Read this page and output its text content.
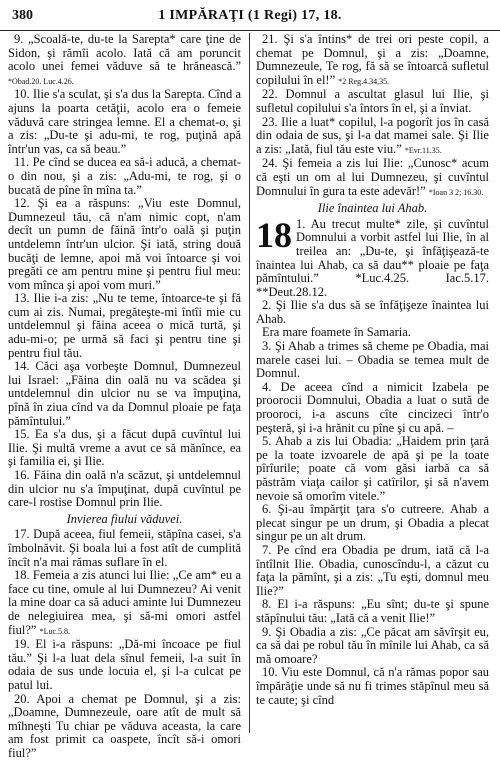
380	1 IMPĂRAŢI (1 Regi) 17, 18.

9. „Scoală-te, du-te la Sarepta* care ţine de Sidon, şi rămîi acolo. Iată că am poruncit acolo unei femei văduve să te hrănească.” *Obad.20. Luc.4.26.

10. Ilie s'a sculat, şi s'a dus la Sarepta. Cînd a ajuns la poarta cetăţii, acolo era o femeie văduvă care stringea lemne. El a chemat-o, şi a zis: „Du-te şi adu-mi, te rog, puţină apă într'un vas, ca să beau.”

11. Pe cînd se ducea ea să-i aducă, a chemat-o din nou, şi a zis: „Adu-mi, te rog, şi o bucată de pîne în mîna ta.”

12. Şi ea a răspuns: „Viu este Domnul, Dumnezeul tău, că n'am nimic copt, n'am decît un pumn de făină într'o oală şi puţin untdelemn într'un ulcior. Şi iată, string două bucăţi de lemne, apoi mă voi întoarce şi voi pregăti ce am pentru mine şi pentru fiul meu: vom mînca şi apoi vom muri.”

13. Ilie i-a zis: „Nu te teme, întoarce-te şi fă cum ai zis. Numai, pregăteşte-mi întîi mie cu untdelemnul şi făina aceea o mică turtă, şi adu-mi-o; pe urmă să faci şi pentru tine şi pentru fiul tău.

14. Căci aşa vorbeşte Domnul, Dumnezeul lui Israel: „Făina din oală nu va scădea şi untdelemnul din ulcior nu se va împuţina, pînă în ziua cînd va da Domnul ploaie pe faţa pămîntului.”

15. Ea s'a dus, şi a făcut după cuvîntul lui Ilie. Şi multă vreme a avut ce să mănînce, ea şi familia ei, şi Ilie.

16. Făina din oală n'a scăzut, şi untdelemnul din ulcior nu s'a împuţinat, după cuvîntul pe care-l rostise Domnul prin Ilie.

Invierea fiului văduvei.

17. După aceea, fiul femeii, stăpîna casei, s'a îmbolnăvit. Şi boala lui a fost atît de cumplită încît n'a mai rămas suflare în el.

18. Femeia a zis atunci lui Ilie: „Ce am* eu a face cu tine, omule al lui Dumnezeu? Ai venit la mine doar ca să aduci aminte lui Dumnezeu de nelegiuirea mea, şi să-mi omori astfel fiul?” *Luc.5.8.

19. El i-a răspuns: „Dă-mi încoace pe fiul tău.” Şi l-a luat dela sînul femeii, l-a suit în odaia de sus unde locuia el, şi l-a culcat pe patul lui.

20. Apoi a chemat pe Domnul, şi a zis: „Doamne, Dumnezeule, oare atît de mult să mîhneşti Tu chiar pe văduva aceasta, la care am fost primit ca oaspete, încît să-i omori fiul?”

21. Şi s'a întins* de trei ori peste copil, a chemat pe Domnul, şi a zis: „Doamne, Dumnezeule, Te rog, fă să se întoarcă sufletul copilului în el!” *2 Reg.4.34,35.

22. Domnul a ascultat glasul lui Ilie, şi sufletul copilului s'a întors în el, şi a înviat.

23. Ilie a luat* copilul, l-a pogorît jos în casă din odaia de sus, şi l-a dat mamei sale. Şi Ilie a zis: „Iată, fiul tău este viu.” *Evr.11.35.

24. Şi femeia a zis lui Ilie: „Cunosc* acum că eşti un om al lui Dumnezeu, şi cuvîntul Domnului în gura ta este adevăr!” *Ioan 3 2; 16.30.

Ilie înaintea lui Ahab.

18 1. Au trecut multe* zile, şi cuvîntul Domnului a vorbit astfel lui Ilie, în al treilea an: „Du-te, şi înfăţişează-te înaintea lui Ahab, ca să dau** ploaie pe faţa pămîntului.”	*Luc.4.25. Iac.5.17. **Deut.28.12.

2. Şi Ilie s'a dus să se înfăţişeze înaintea lui Ahab.

Era mare foamete în Samaria.

3. Şi Ahab a trimes să cheme pe Obadia, mai marele casei lui. – Obadia se temea mult de Domnul.

4. De aceea cînd a nimicit Izabela pe proorocii Domnului, Obadia a luat o sută de prooroci, i-a ascuns cîte cincizeci într'o peşteră, şi i-a hrănit cu pîne şi cu apă. –

5. Ahab a zis lui Obadia: „Haidem prin ţară pe la toate izvoarele de apă şi pe la toate pîrîurile; poate că vom găsi iarbă ca să păstrăm viaţa cailor şi catîrilor, şi să n'avem nevoie să omorîm vitele.”

6. Şi-au împărţit ţara s'o cutreere. Ahab a plecat singur pe un drum, şi Obadia a plecat singur pe un alt drum.

7. Pe cînd era Obadia pe drum, iată că l-a întîlnit Ilie. Obadia, cunoscîndu-l, a căzut cu faţa la pămînt, şi a zis: „Tu eşti, domnul meu Ilie?”

8. El i-a răspuns: „Eu sînt; du-te şi spune stăpînului tău: „Iată că a venit Ilie!”

9. Şi Obadia a zis: „Ce păcat am săvîrşit eu, ca să dai pe robul tău în mînile lui Ahab, ca să mă omoare?

10. Viu este Domnul, că n'a rămas popor sau împărăţie unde să nu fi trimes stăpînul meu să te caute; şi cînd
